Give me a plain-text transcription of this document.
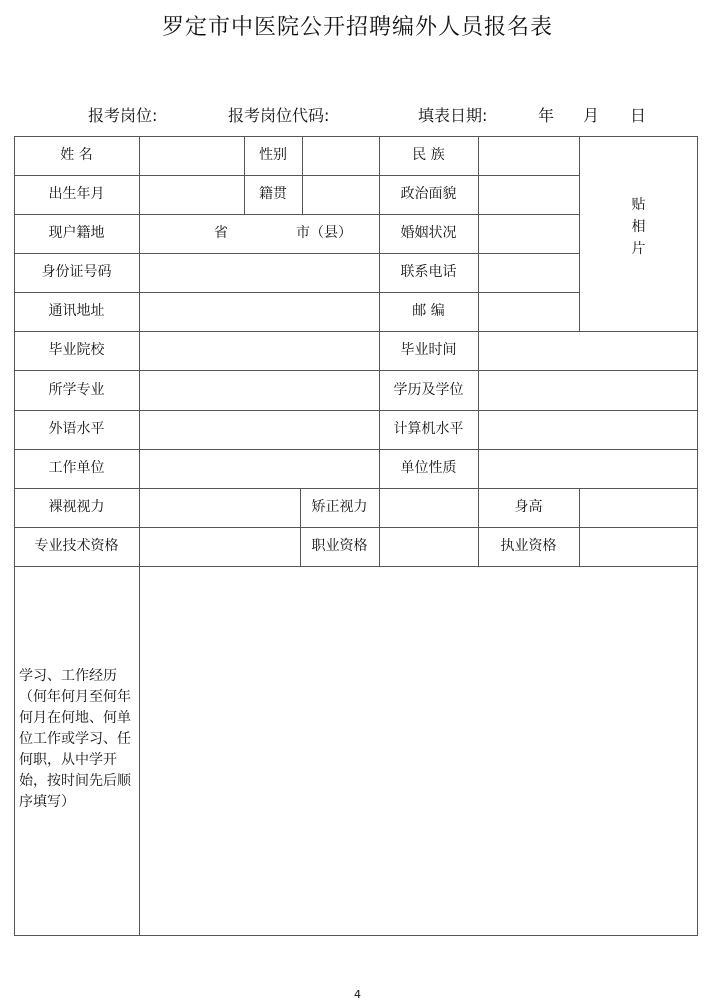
罗定市中医院公开招聘编外人员报名表
报考岗位:	报考岗位代码:	填表日期:	年 月 日
姓 名	性别	民 族
贴
相
片
出生年月	籍贯	政治面貌
现户籍地	省	市（县）	婚姻状况
身份证号码	联系电话
通讯地址	邮 编
毕业院校	毕业时间
所学专业	学历及学位
外语水平	计算机水平
工作单位	单位性质
裸视视力	矫正视力	身高
专业技术资格	职业资格	执业资格
学习、工作经历（何年何月至何年何月在何地、何单位工作或学习、任何职，从中学开始，按时间先后顺序填写）
4
